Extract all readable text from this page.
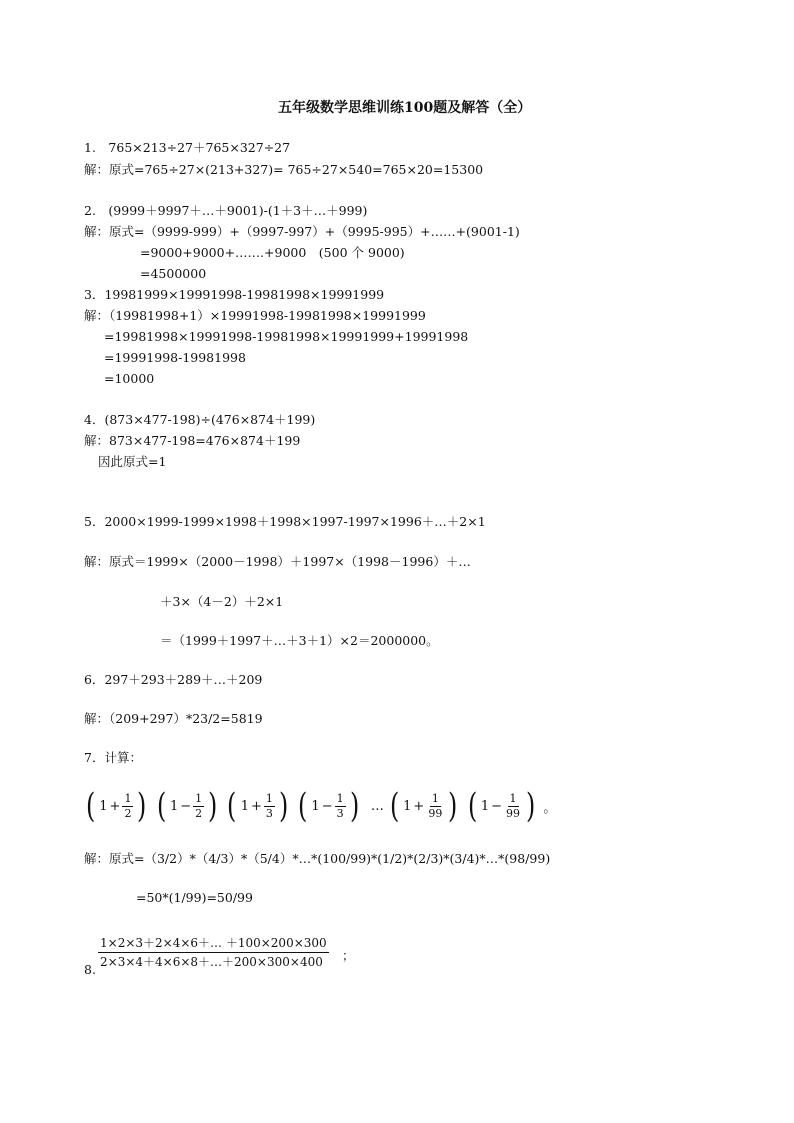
五年级数学思维训练100题及解答（全）
1.　765×213÷27＋765×327÷27
解：原式=765÷27×(213+327)= 765÷27×540=765×20=15300
2.　(9999＋9997＋…＋9001)-(1＋3＋…＋999)
解：原式=（9999-999）+（9997-997）+（9995-995）+……+(9001-1)
=9000+9000+…….+9000　(500 个 9000)
=4500000
3．19981999×19991998-19981998×19991999
解：（19981998+1）×19991998-19981998×19991999
=19981998×19991998-19981998×19991999+19991998
=19991998-19981998
=10000
4．(873×477-198)÷(476×874＋199)
解：873×477-198=476×874＋199
因此原式=1
5．2000×1999-1999×1998＋1998×1997-1997×1996＋…＋2×1
解：原式＝1999×（2000－1998）＋1997×（1998－1996）＋…
＋3×（4－2）＋2×1
＝（1999＋1997＋…＋3＋1）×2＝2000000。
6．297＋293＋289＋…＋209
解：（209+297）*23/2=5819
7．计算：
解：原式=（3/2）*（4/3）*（5/4）*…*(100/99)*(1/2)*(2/3)*(3/4)*…*(98/99)
=50*(1/99)=50/99
8.
( $1 + \frac{1}{2}$ ) ( $1 - \frac{1}{2}$ ) ( $1 + \frac{1}{3}$ ) ( $1 - \frac{1}{3}$ ) … ( $1 + \frac{1}{99}$ ) ( $1 - \frac{1}{99}$ ) 。
$\frac{1\times 2\times 3+2\times 4\times 6+\dots +100\times 200\times 300}{2\times 3\times 4+4\times 6\times 8+\dots+200\times 300\times 400}$ ；
